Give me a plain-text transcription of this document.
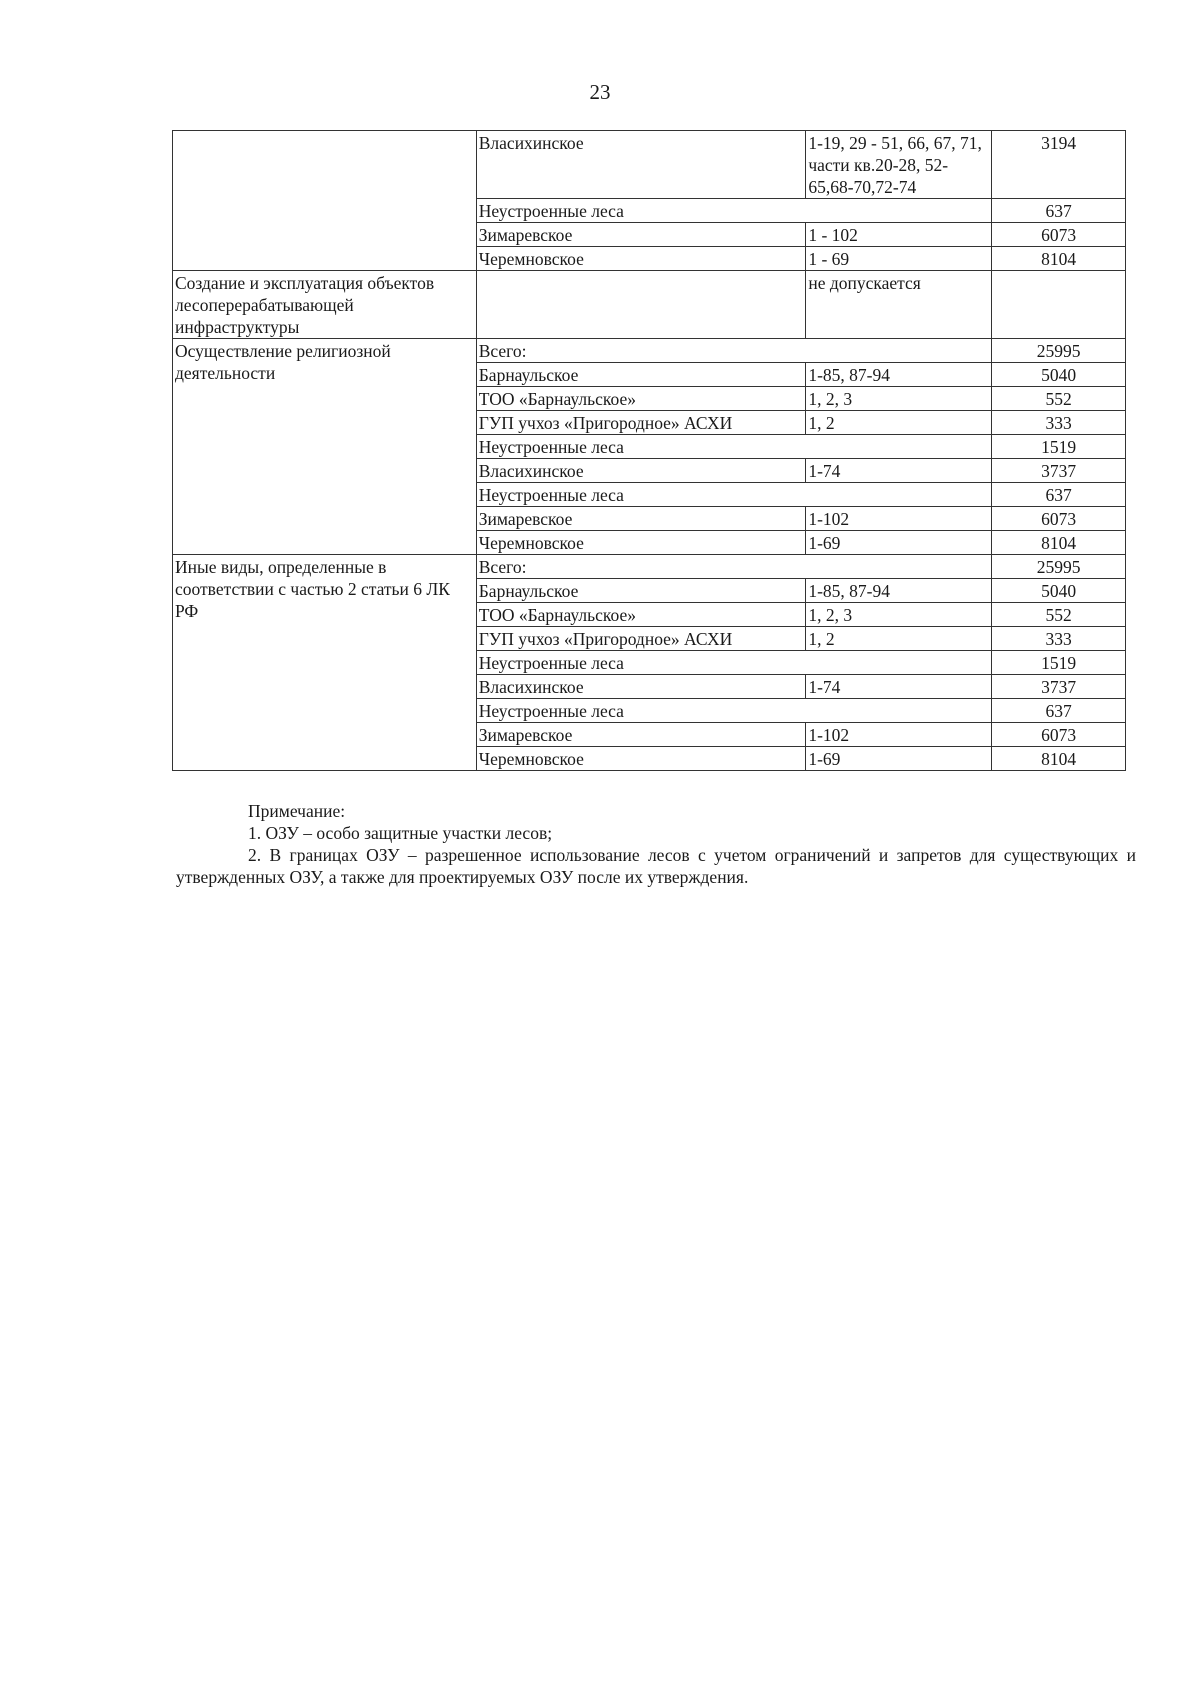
23
	Власихинское	1-19, 29 - 51, 66, 67, 71, части кв.20-28, 52-65,68-70,72-74	3194
	Неустроенные леса		637
	Зимаревское	1 - 102	6073
	Черемновское	1 - 69	8104
Создание и эксплуатация объектов лесоперерабатывающей инфраструктуры		не допускается	
Осуществление религиозной деятельности	Всего:		25995
	Барнаульское	1-85, 87-94	5040
	ТОО «Барнаульское»	1, 2, 3	552
	ГУП учхоз «Пригородное» АСХИ	1, 2	333
	Неустроенные леса		1519
	Власихинское	1-74	3737
	Неустроенные леса		637
	Зимаревское	1-102	6073
	Черемновское	1-69	8104
Иные виды, определенные в соответствии с частью 2 статьи 6 ЛК РФ	Всего:		25995
	Барнаульское	1-85, 87-94	5040
	ТОО «Барнаульское»	1, 2, 3	552
	ГУП учхоз «Пригородное» АСХИ	1, 2	333
	Неустроенные леса		1519
	Власихинское	1-74	3737
	Неустроенные леса		637
	Зимаревское	1-102	6073
	Черемновское	1-69	8104

Примечание:

1. ОЗУ – особо защитные участки лесов;

2. В границах ОЗУ – разрешенное использование лесов с учетом ограничений и запретов для существующих и утвержденных ОЗУ, а также для проектируемых ОЗУ после их утверждения.
